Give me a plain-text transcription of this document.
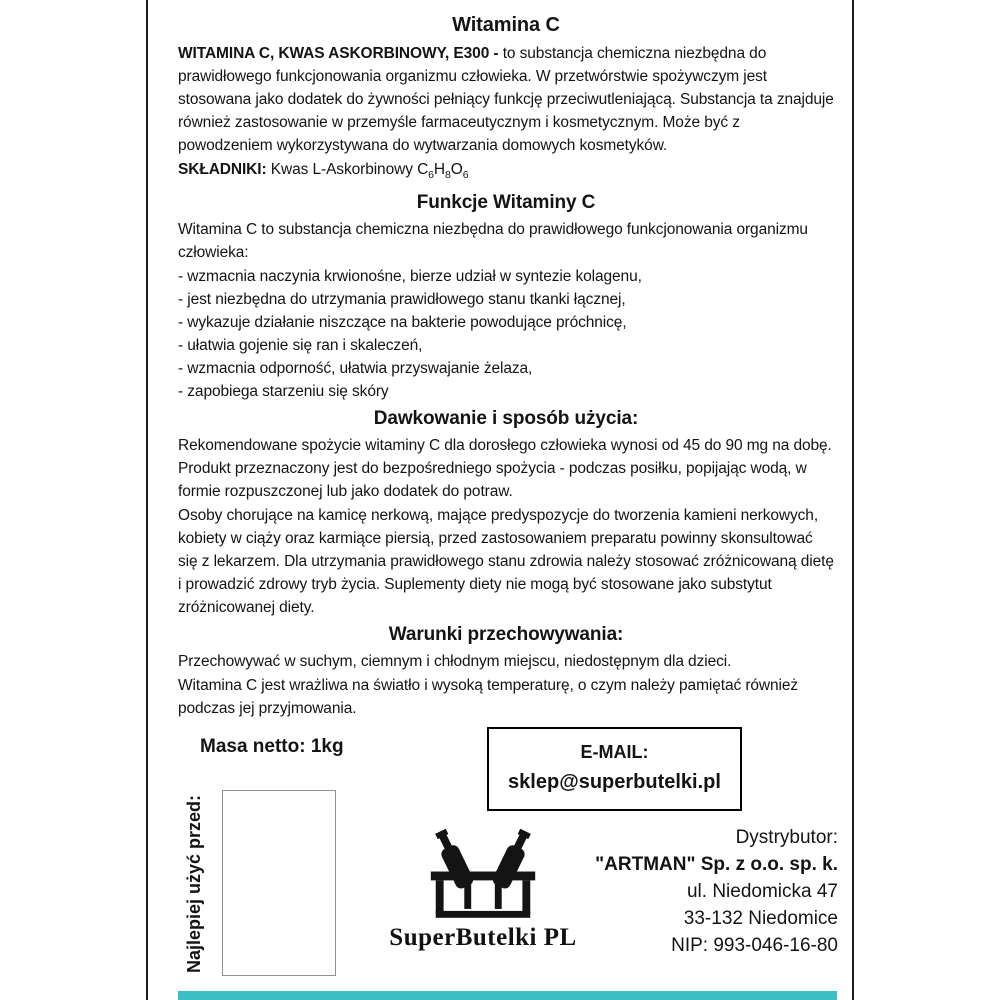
Witamina C

WITAMINA C, KWAS ASKORBINOWY, E300 - to substancja chemiczna niezbędna do prawidłowego funkcjonowania organizmu człowieka. W przetwórstwie spożywczym jest stosowana jako dodatek do żywności pełniący funkcję przeciwutleniającą. Substancja ta znajduje również zastosowanie w przemyśle farmaceutycznym i kosmetycznym. Może być z powodzeniem wykorzystywana do wytwarzania domowych kosmetyków.

SKŁADNIKI: Kwas L-Askorbinowy $C_6H_8O_6$

Funkcje Witaminy C

Witamina C to substancja chemiczna niezbędna do prawidłowego funkcjonowania organizmu człowieka:

- wzmacnia naczynia krwionośne, bierze udział w syntezie kolagenu,
- jest niezbędna do utrzymania prawidłowego stanu tkanki łącznej,
- wykazuje działanie niszczące na bakterie powodujące próchnicę,
- ułatwia gojenie się ran i skaleczeń,
- wzmacnia odporność, ułatwia przyswajanie żelaza,
- zapobiega starzeniu się skóry
Dawkowanie i sposób użycia:

Rekomendowane spożycie witaminy C dla dorosłego człowieka wynosi od 45 do 90 mg na dobę. Produkt przeznaczony jest do bezpośredniego spożycia - podczas posiłku, popijając wodą, w formie rozpuszczonej lub jako dodatek do potraw.

Osoby chorujące na kamicę nerkową, mające predyspozycje do tworzenia kamieni nerkowych, kobiety w ciąży oraz karmiące piersią, przed zastosowaniem preparatu powinny skonsultować się z lekarzem. Dla utrzymania prawidłowego stanu zdrowia należy stosować zróżnicowaną dietę i prowadzić zdrowy tryb życia. Suplementy diety nie mogą być stosowane jako substytut zróżnicowanej diety.

Warunki przechowywania:

Przechowywać w suchym, ciemnym i chłodnym miejscu, niedostępnym dla dzieci.

Witamina C jest wrażliwa na światło i wysoką temperaturę, o czym należy pamiętać również podczas jej przyjmowania.

Masa netto: 1kg	E-MAIL:
sklep@superbutelki.pl
Najlepiej użyć przed:	SuperButelki PL
Dystrybutor:
"ARTMAN" Sp. z o.o. sp. k.
ul. Niedomicka 47
33-132 Niedomice
NIP: 993-046-16-80
